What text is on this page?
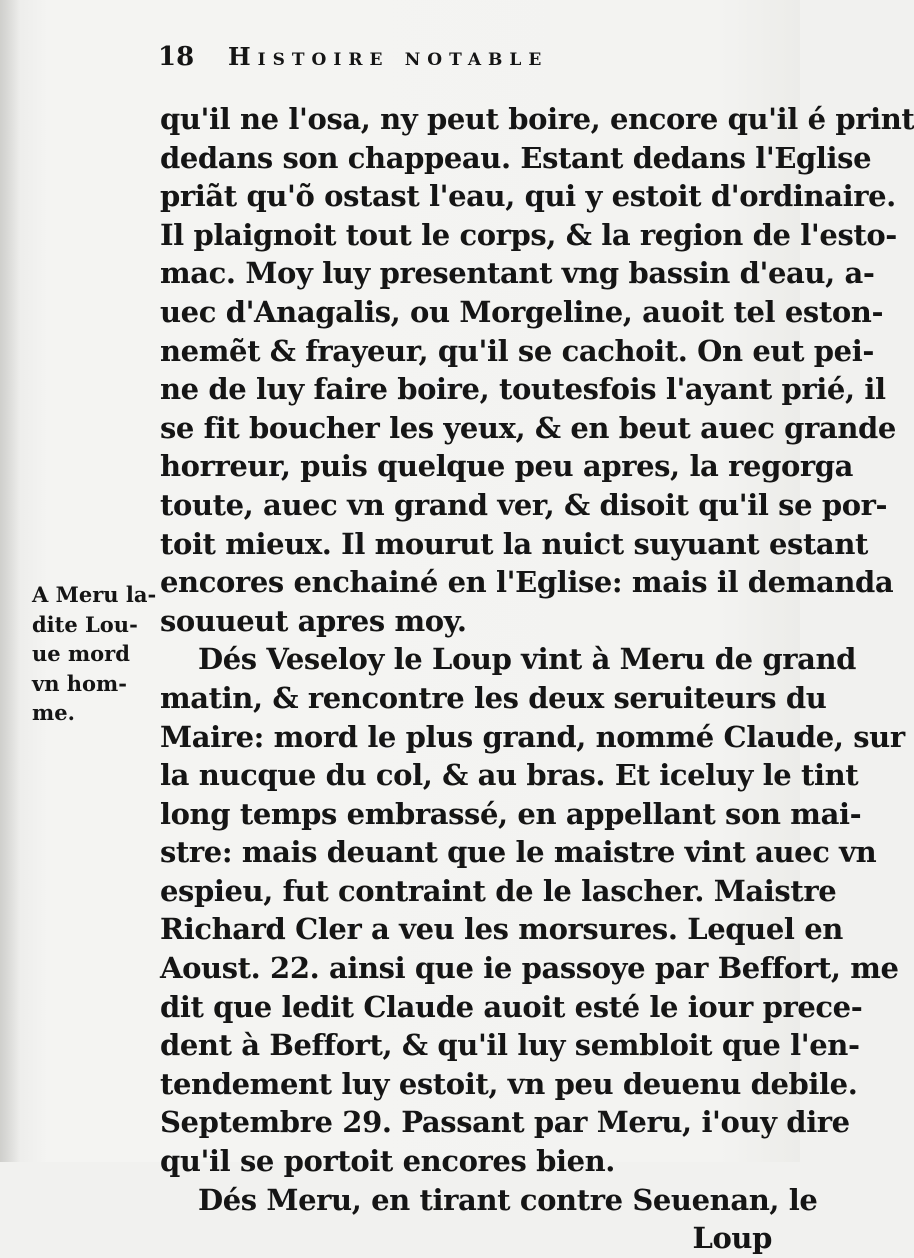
18	Histoire notable
A Meru la-
dite Lou-
ue mord
vn hom-
me.
qu'il ne l'osa, ny peut boire, encore qu'il é print
dedans son chappeau. Estant dedans l'Eglise
priãt qu'õ ostast l'eau, qui y estoit d'ordinaire.
Il plaignoit tout le corps, & la region de l'esto-
mac. Moy luy presentant vng bassin d'eau, a-
uec d'Anagalis, ou Morgeline, auoit tel eston-
nemẽt & frayeur, qu'il se cachoit. On eut pei-
ne de luy faire boire, toutesfois l'ayant prié, il
se fit boucher les yeux, & en beut auec grande
horreur, puis quelque peu apres, la regorga
toute, auec vn grand ver, & disoit qu'il se por-
toit mieux. Il mourut la nuict suyuant estant
encores enchainé en l'Eglise: mais il demanda
souueut apres moy.
Dés Veseloy le Loup vint à Meru de grand
matin, & rencontre les deux seruiteurs du
Maire: mord le plus grand, nommé Claude, sur
la nucque du col, & au bras. Et iceluy le tint
long temps embrassé, en appellant son mai-
stre: mais deuant que le maistre vint auec vn
espieu, fut contraint de le lascher. Maistre
Richard Cler a veu les morsures. Lequel en
Aoust. 22. ainsi que ie passoye par Beffort, me
dit que ledit Claude auoit esté le iour prece-
dent à Beffort, & qu'il luy sembloit que l'en-
tendement luy estoit, vn peu deuenu debile.
Septembre 29. Passant par Meru, i'ouy dire
qu'il se portoit encores bien.
Dés Meru, en tirant contre Seuenan, le
Loup
